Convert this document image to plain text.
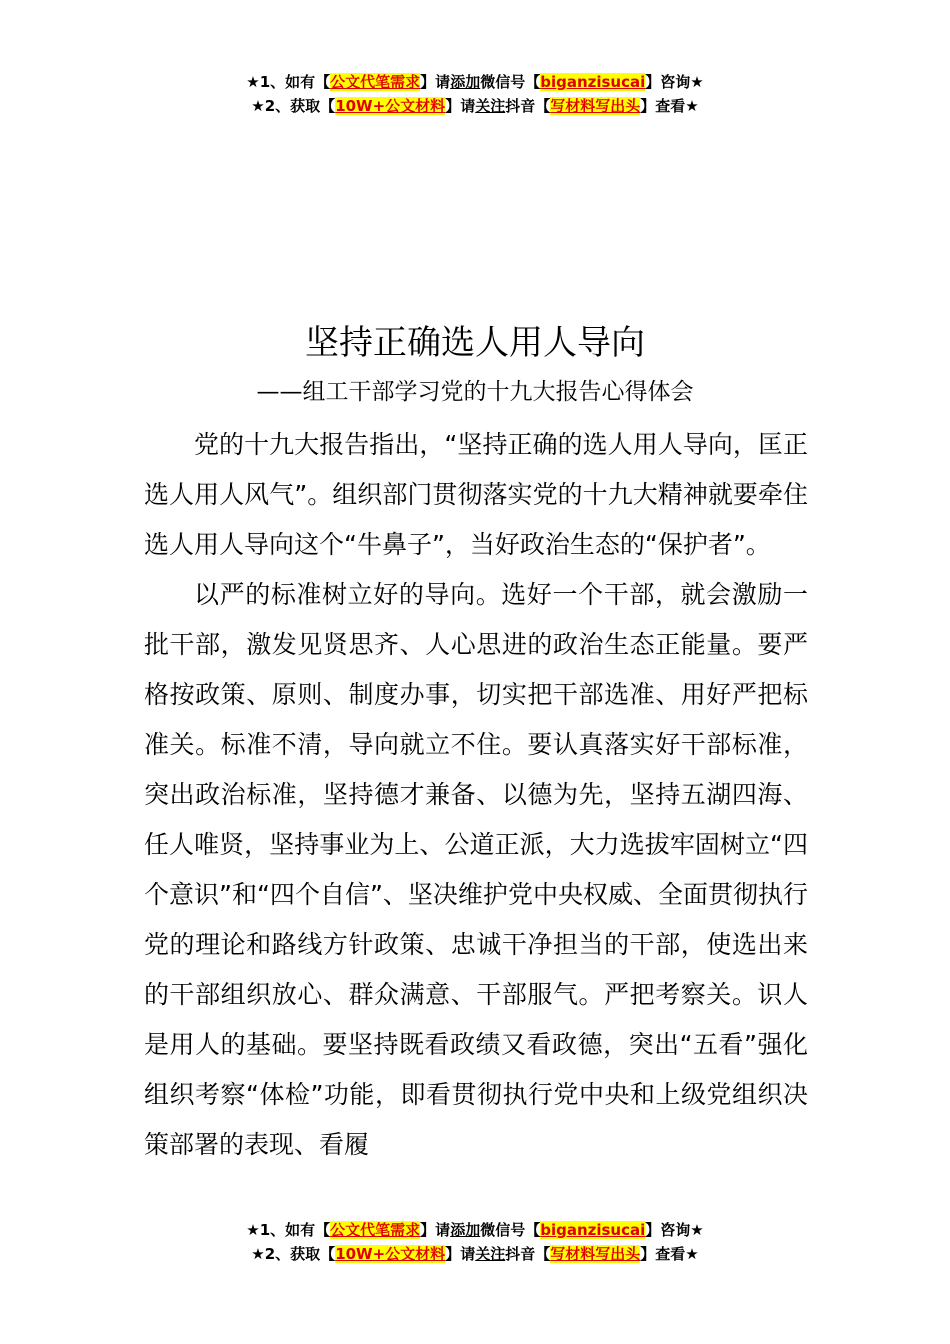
★1、如有【公文代笔需求】请添加微信号【biganzisucai】咨询★
★2、获取【10W+公文材料】请关注抖音【写材料写出头】查看★
坚持正确选人用人导向
——组工干部学习党的十九大报告心得体会

党的十九大报告指出，“坚持正确的选人用人导向，匡正选人用人风气”。组织部门贯彻落实党的十九大精神就要牵住选人用人导向这个“牛鼻子”，当好政治生态的“保护者”。

以严的标准树立好的导向。选好一个干部，就会激励一批干部，激发见贤思齐、人心思进的政治生态正能量。要严格按政策、原则、制度办事，切实把干部选准、用好严把标准关。标准不清，导向就立不住。要认真落实好干部标准，突出政治标准，坚持德才兼备、以德为先，坚持五湖四海、任人唯贤，坚持事业为上、公道正派，大力选拔牢固树立“四个意识”和“四个自信”、坚决维护党中央权威、全面贯彻执行党的理论和路线方针政策、忠诚干净担当的干部，使选出来的干部组织放心、群众满意、干部服气。严把考察关。识人是用人的基础。要坚持既看政绩又看政德，突出“五看”强化组织考察“体检”功能，即看贯彻执行党中央和上级党组织决策部署的表现、看履

★1、如有【公文代笔需求】请添加微信号【biganzisucai】咨询★
★2、获取【10W+公文材料】请关注抖音【写材料写出头】查看★
